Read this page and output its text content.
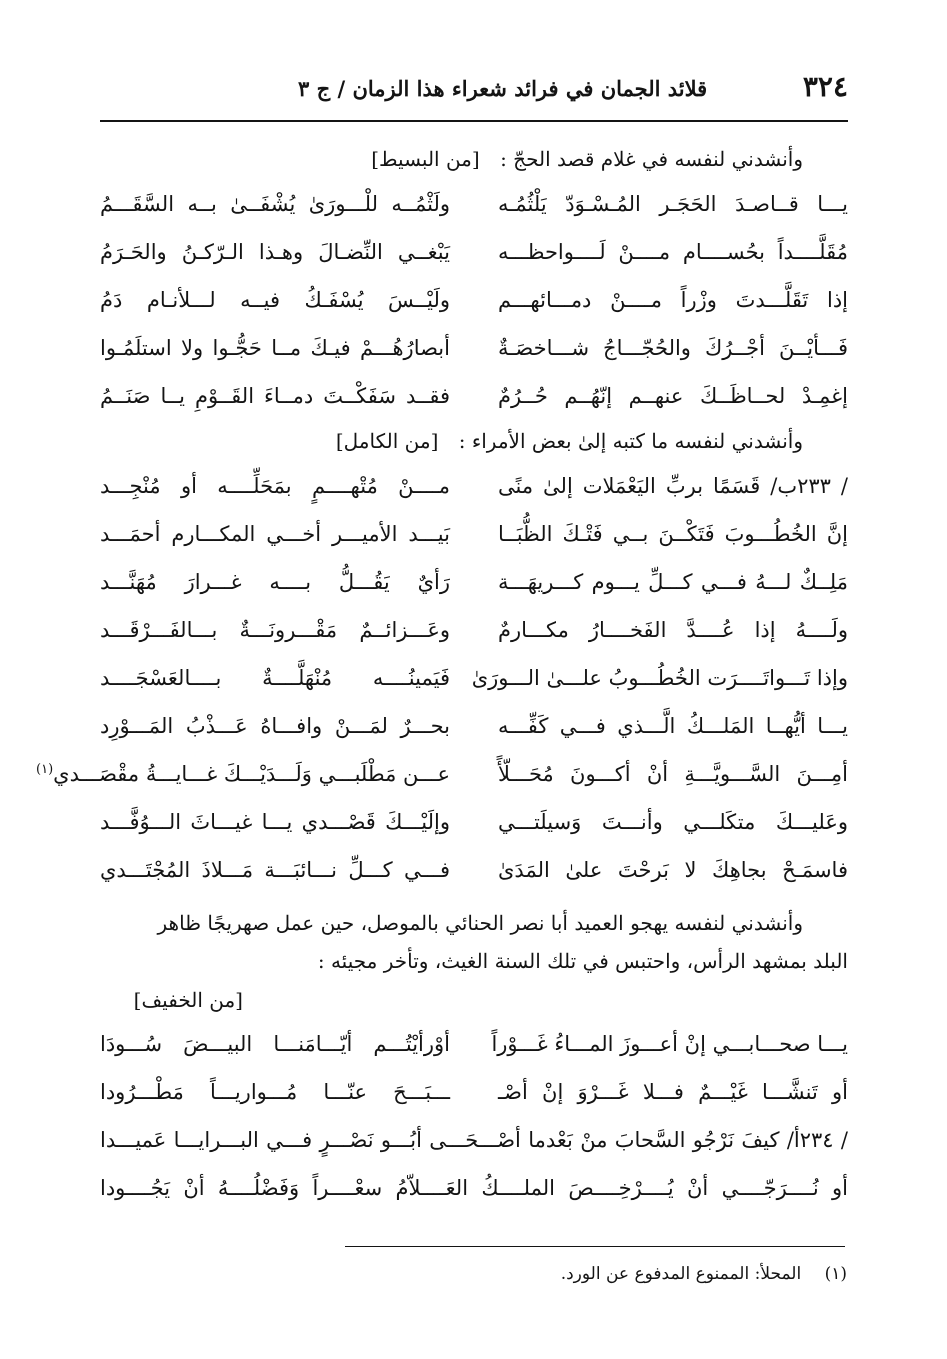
٣٢٤
قلائد الجمان في فرائد شعراء هذا الزمان / ج ٣
وأنشدني لنفسه في غلام قصد الحجّ : [من البسيط]
يـــا قــاصـدَ الحَجَـر المُـسْـوَدّ يَلْثُمُـه
ولَثْمُــه للْـــورَىٰ يُشْفَــىٰ بــه السَّقَـــمُ
مُقَلَّــــداً بحُســــام مــــنْ لَــــواحظـــه
يَبْغــي النِّضـالَ وهـذا الـرّكـنُ والحَـرَمُ
إذا تَقَلَّـــدتَ وزْراً مــــنْ دمـــائهـــم
ولَيْــسَ يُسْفَـكُ فيــه لـــلأنـام دَمُ
فَـــأيْــنَ أجْــرُكَ والحُجّـــاجُ شـــاخصَـةٌ
أبصارُهُـــمْ فيـكَ مــا حَجُّـوا ولا استلَمُـوا
إغمِـدْ لحــاظَــكَ عنهــم إنّهُــم حُــرُمٌ
فقــد سَفَكْــتَ دمــاءَ القَــوْمِ يــا صَنَــمُ
وأنشدني لنفسه ما كتبه إلىٰ بعض الأمراء : [من الكامل]
/ ٢٣٣ب/ قَسَمًا بربِّ اليَعْمَلات إلىٰ منًى
مــــنْ مُتْهــــمٍ بمَحَلِّــــه أو مُنْجِـــد
إنَّ الخُطُـــوبَ فَتَكْــنَ بــي فَتْـكَ الظُّبَــا
بَيـــد الأميـــر أخـــي المكـــارم أحمَـــد
مَلِــكٌ لـــهُ فـــي كـــلِّ يـــوم كـــريهَـــة
رَأيٌ يَقُـــلُّ بــــه غـــرارَ مُهَنَّـــد
ولَــــهُ إذا عُــــدَّ الفَخــــارُ مكـــارمٌ
وعَـــزائــمٌ مَقْـــرونَـــةٌ بـــالفَـــرْقَـــد
وإذا تَـــواتَــــرَت الخُطُـــوبُ علـــىٰ الـــورَىٰ
فَيَمينُــــه مُنْهَلَّــــةٌ بــــالعَسْجَــــد
يـــا أيُّهــا المَلـــكُ الَّـــذي فـــي كَفِّـــه
بحـــرٌ لمَـــنْ وافـــاهُ عَـــذْبُ المَـــوْرِد
أمِـــنَ السَّـــويَّـــةِ أنْ أكـــونَ مُحَـــلّأً
عـــن مَطْلَبـــي وَلَـــدَيْـــكَ غـــايـــةُ مقْصَـــدي$^{(١)}$
وعَليـــكَ متكَلـــي وأنـــتَ وَسيلَتـــي
وإلَيْـــكَ قَصْـــدي يـــا غيـــاثَ الـــوُفَّـــد
فاسمَـحْ بجاهِكَ لا بَرحْتَ علىٰ المَدَىٰ
فـــي كـــلِّ نـــائبَـــة مَـــلاذَ المُجْتَـــدي
وأنشدني لنفسه يهجو العميد أبا نصر الحنائي بالموصل، حين عمل صهريجًا ظاهر
البلد بمشهد الرأس، واحتبس في تلك السنة الغيث، وتأخر مجيئه :
[من الخفيف]
يـــا صحـــابـــي إنْ أعـــوزَ المـــاءُ غَـــوْراً
أوْرأيْتُـــم أيّـــامَنـــا البيـــضَ سُـــودَا
أو تَنشَّـــا غَيْـــمٌ فـــلا غَـــرْوَ إنْ أصْـ
ـــبَـــحَ عنّـــا مُـــواريـــاً مَطْـــرُودا
/ ٢٣٤أ/ كيفَ نَرْجُو السَّحابَ منْ بَعْدما أصْـــحَـــى أبُـــو نَصْـــرٍ فـــي البـــرايـــا عَميـــدا
أو نُــــرَجّــــي أنْ يُــــرْخِــــصَ الملــــكُ العَــــلاّمُ سعْــــراً وَفَضْلُــــهُ أنْ يَجُــــودا
(١) المحلأ: الممنوع المدفوع عن الورد.
